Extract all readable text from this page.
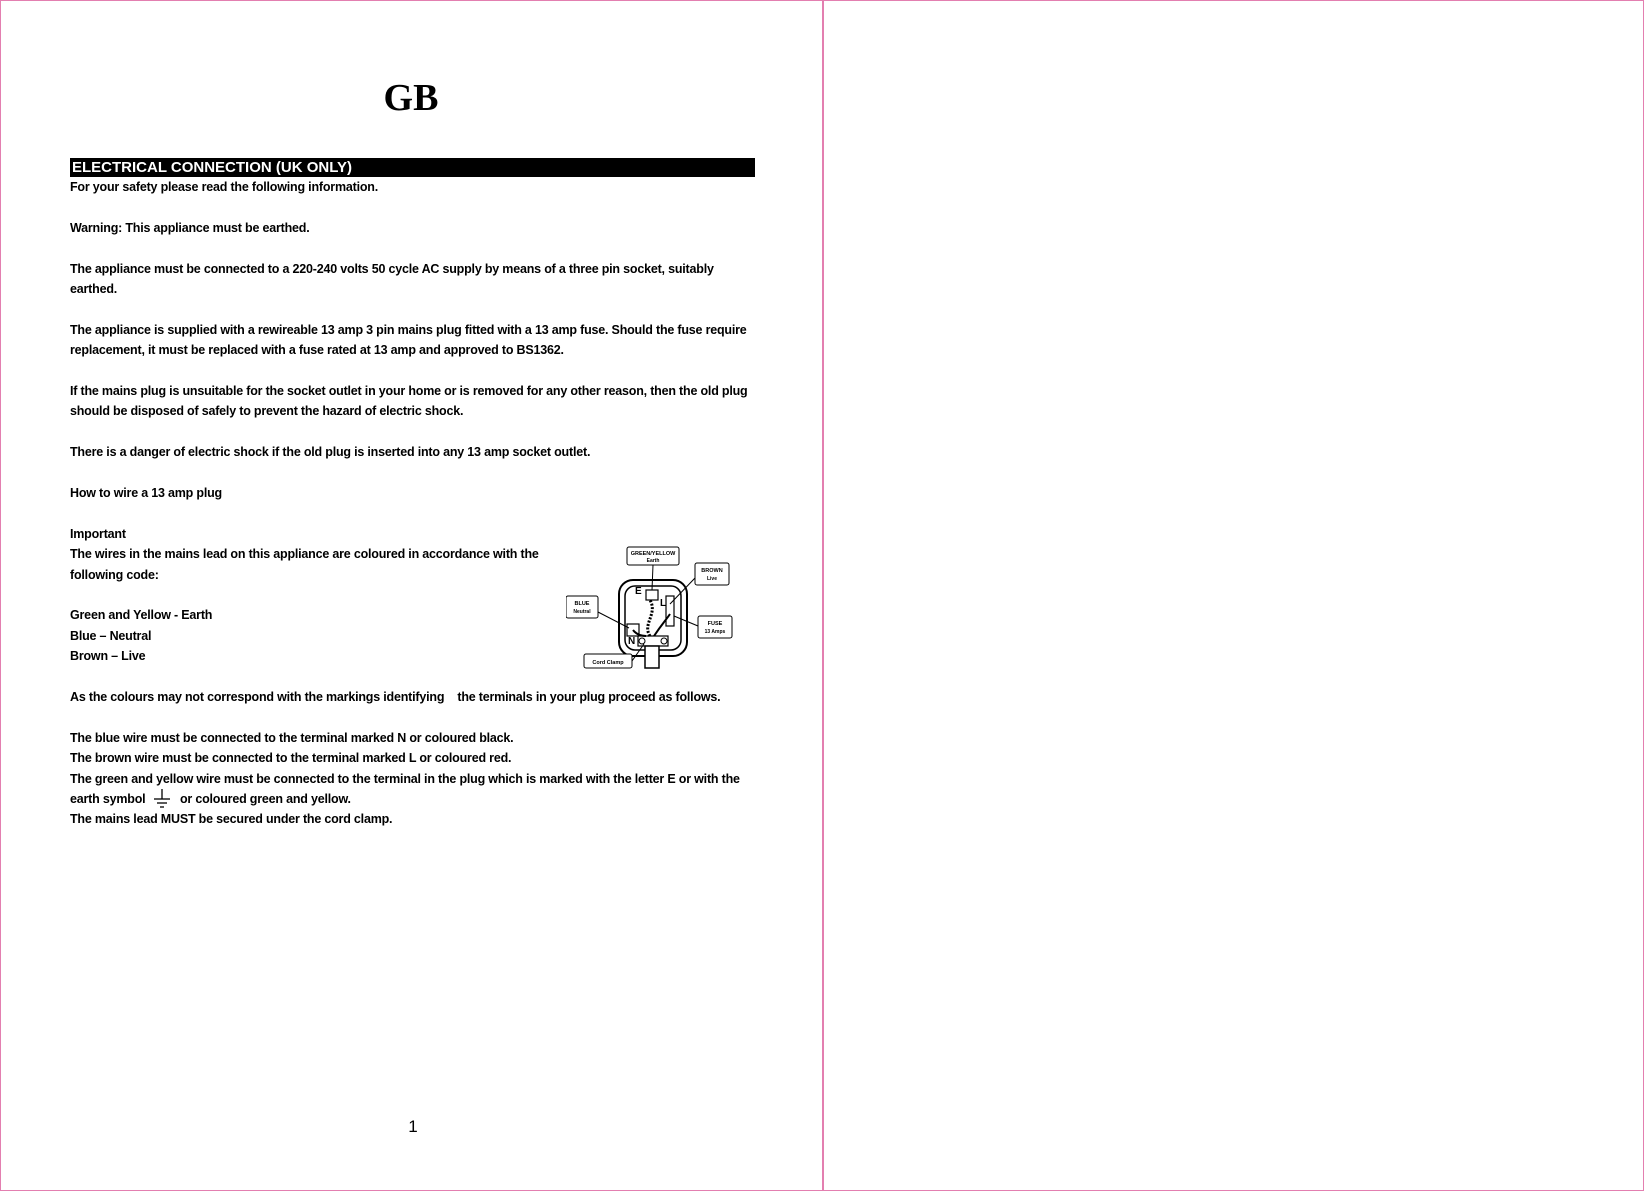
GB
ELECTRICAL CONNECTION (UK ONLY)

For your safety please read the following information.

Warning: This appliance must be earthed.

The appliance must be connected to a 220-240 volts 50 cycle AC supply by means of a three pin socket, suitably

earthed.

The appliance is supplied with a rewireable 13 amp 3 pin mains plug fitted with a 13 amp fuse. Should the fuse require

replacement, it must be replaced with a fuse rated at 13 amp and approved to BS1362.

If the mains plug is unsuitable for the socket outlet in your home or is removed for any other reason, then the old plug

should be disposed of safely to prevent the hazard of electric shock.

There is a danger of electric shock if the old plug is inserted into any 13 amp socket outlet.

How to wire a 13 amp plug

Important

The wires in the mains lead on this appliance are coloured in accordance with the

following code:

Green and Yellow - Earth

Blue – Neutral

Brown – Live

E
L
N
GREEN/YELLOW
Earth
BROWN
Live
BLUE
Neutral
FUSE
13 Amps
Cord Clamp

As the colours may not correspond with the markings identifying    the terminals in your plug proceed as follows.

The blue wire must be connected to the terminal marked N or coloured black.

The brown wire must be connected to the terminal marked L or coloured red.

The green and yellow wire must be connected to the terminal in the plug which is marked with the letter E or with the

earth symbol	or coloured green and yellow.

The mains lead MUST be secured under the cord clamp.

1
